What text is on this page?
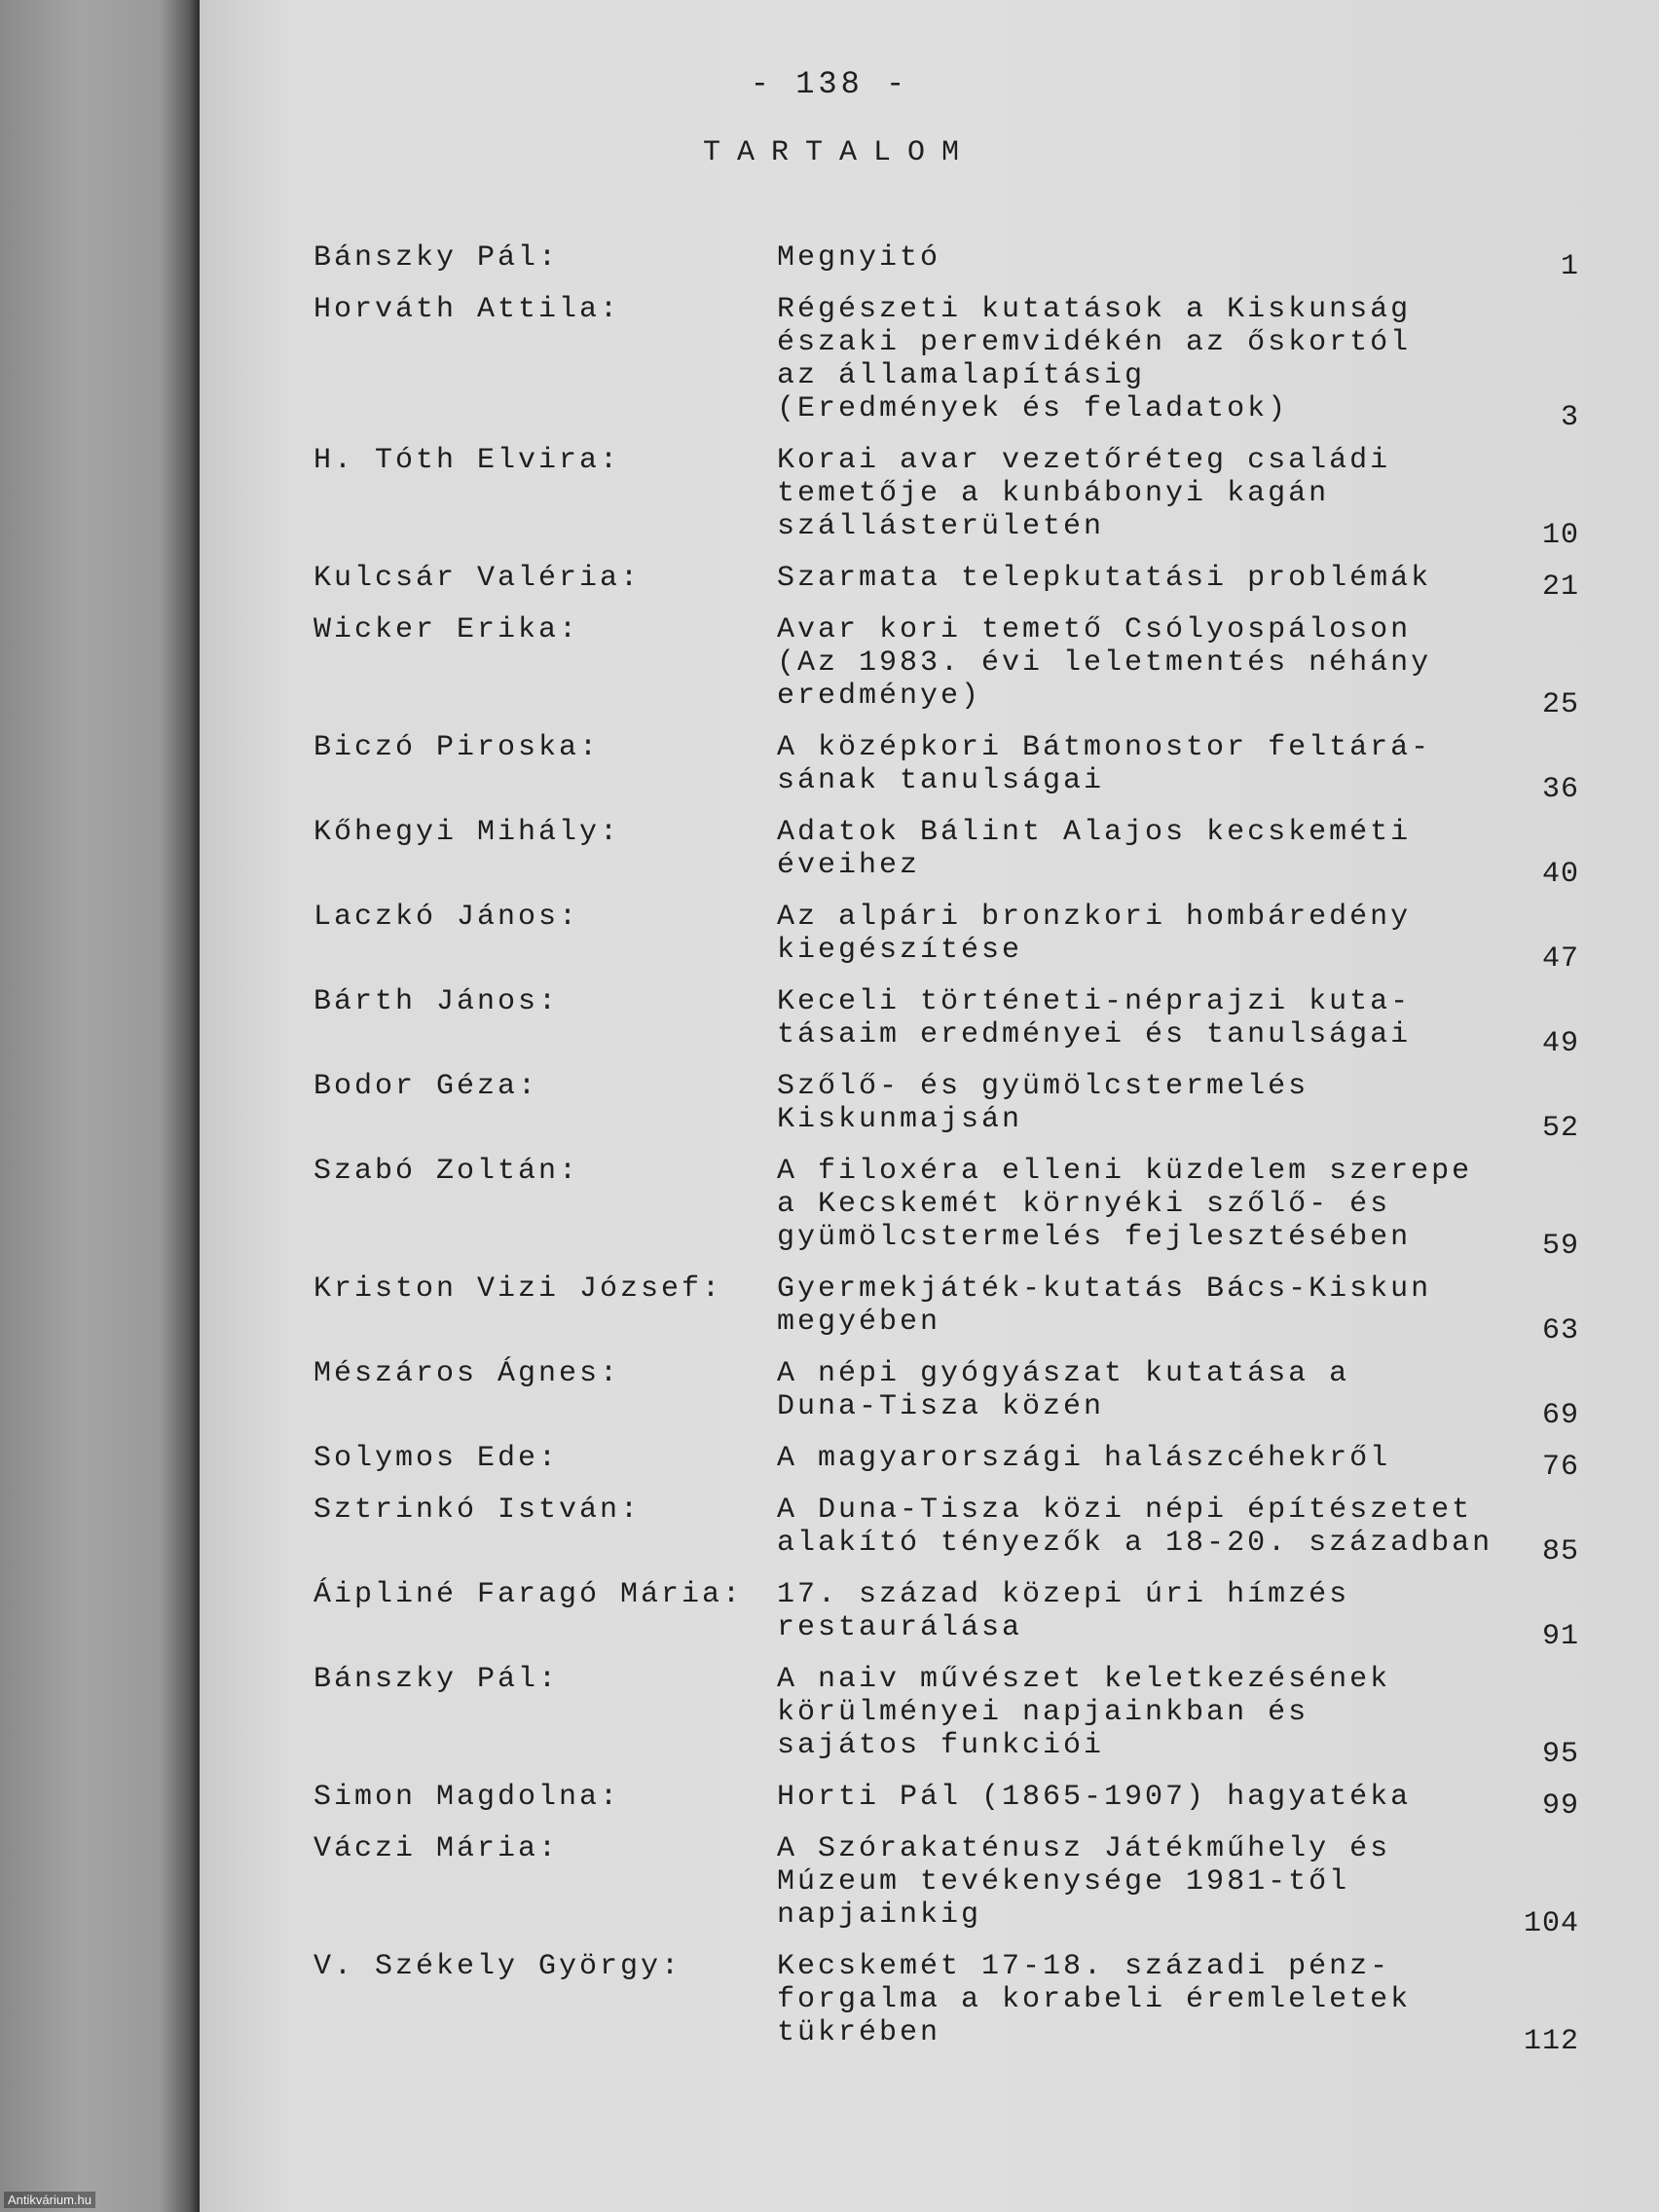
- 138 -
TARTALOM
Bánszky Pál:	Megnyitó	1
Horváth Attila:	Régészeti kutatások a Kiskunság
északi peremvidékén az őskortól
az államalapításig
(Eredmények és feladatok)	3
H. Tóth Elvira:	Korai avar vezetőréteg családi
temetője a kunbábonyi kagán
szállásterületén	10
Kulcsár Valéria:	Szarmata telepkutatási problémák	21
Wicker Erika:	Avar kori temető Csólyospáloson
(Az 1983. évi leletmentés néhány
eredménye)	25
Biczó Piroska:	A középkori Bátmonostor feltárá-
sának tanulságai	36
Kőhegyi Mihály:	Adatok Bálint Alajos kecskeméti
éveihez	40
Laczkó János:	Az alpári bronzkori hombáredény
kiegészítése	47
Bárth János:	Keceli történeti-néprajzi kuta-
tásaim eredményei és tanulságai	49
Bodor Géza:	Szőlő- és gyümölcstermelés
Kiskunmajsán	52
Szabó Zoltán:	A filoxéra elleni küzdelem szerepe
a Kecskemét környéki szőlő- és
gyümölcstermelés fejlesztésében	59
Kriston Vizi József: Gyermekjáték-kutatás Bács-Kiskun
megyében	63
Mészáros Ágnes:	A népi gyógyászat kutatása a
Duna-Tisza közén	69
Solymos Ede:	A magyarországi halászcéhekről	76
Sztrinkó István:	A Duna-Tisza közi népi építészetet
alakító tényezők a 18-20. században	85
Áipliné Faragó Mária: 17. század közepi úri hímzés
restaurálása	91
Bánszky Pál:	A naiv művészet keletkezésének
körülményei napjainkban és
sajátos funkciói	95
Simon Magdolna:	Horti Pál (1865-1907) hagyatéka	99
Váczi Mária:	A Szórakaténusz Játékműhely és
Múzeum tevékenysége 1981-től
napjainkig	104
V. Székely György:	Kecskemét 17-18. századi pénz-
forgalma a korabeli éremleletek
tükrében	112
Antikvárium.hu
